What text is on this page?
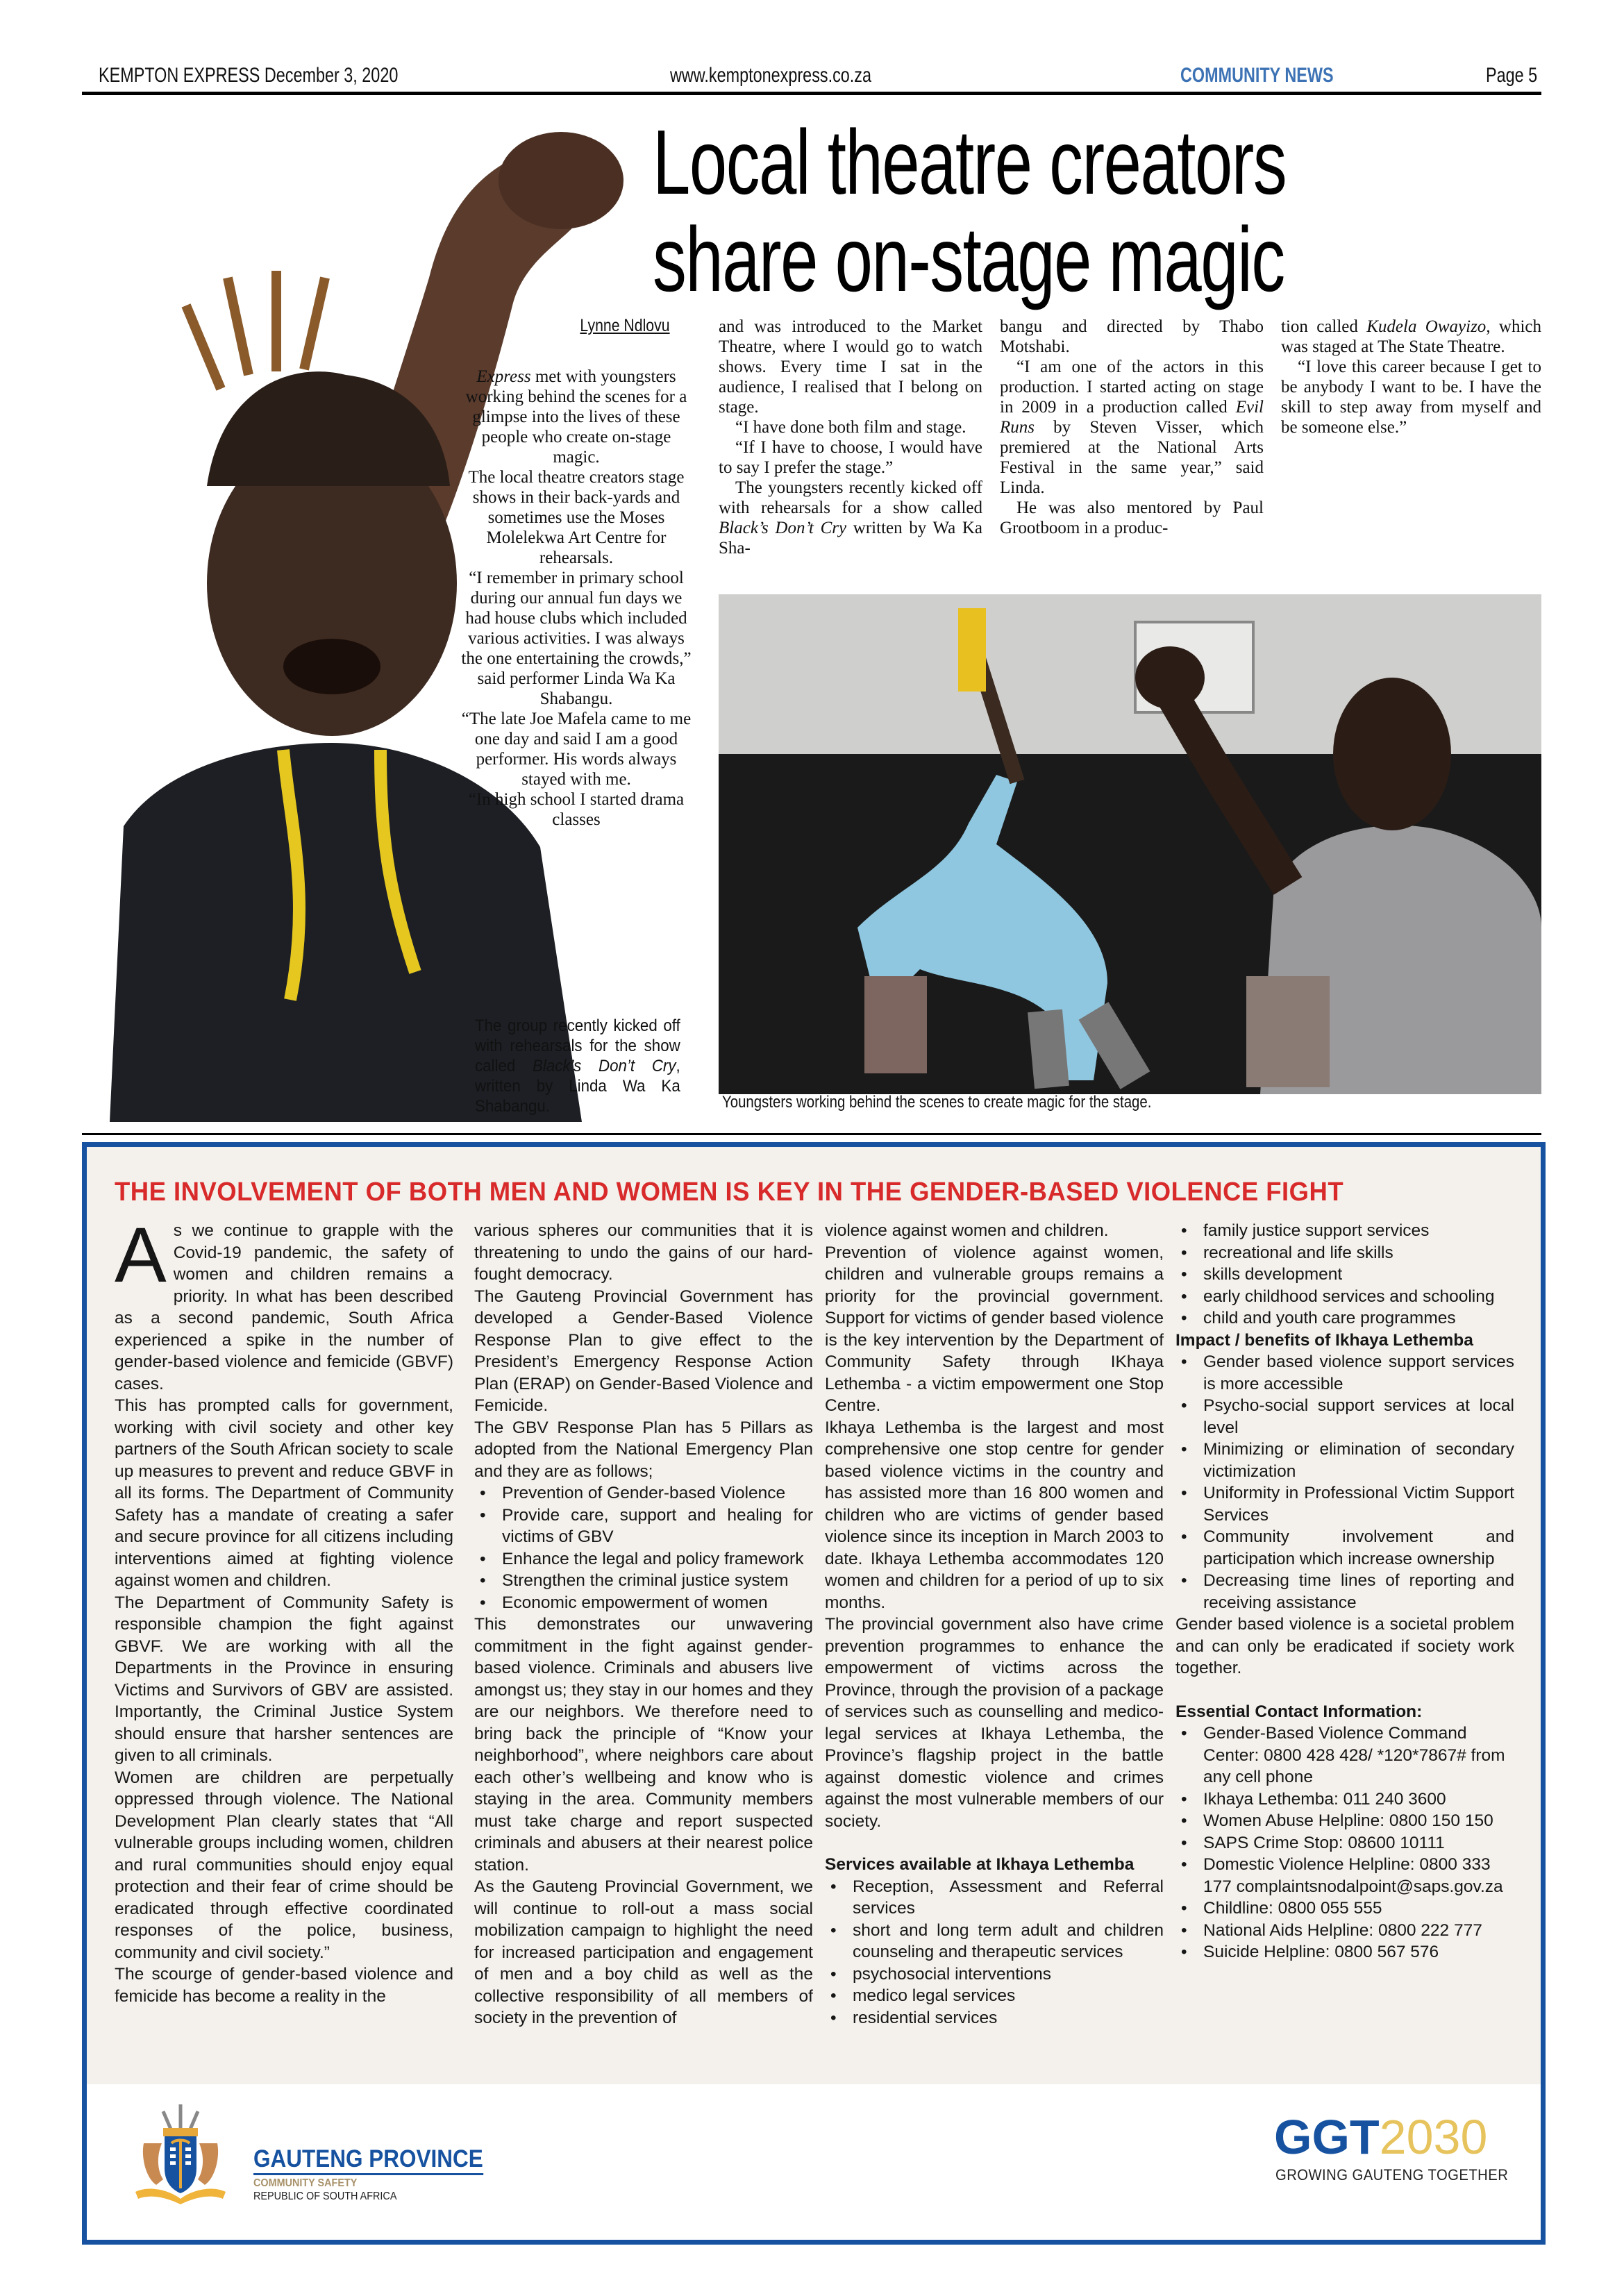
KEMPTON EXPRESS December 3, 2020	www.kemptonexpress.co.za	COMMUNITY NEWS	Page 5
Local theatre creators
share on-stage magic
Lynne Ndlovu

Express met with youngsters working behind the scenes for a glimpse into the lives of these people who create on-stage magic.

The local theatre creators stage shows in their back-yards and sometimes use the Moses Molelekwa Art Centre for rehearsals.

“I remember in primary school during our annual fun days we had house clubs which included various activities. I was always the one entertaining the crowds,” said performer Linda Wa Ka Shabangu.

“The late Joe Mafela came to me one day and said I am a good performer. His words always stayed with me.

“In high school I started drama classes

and was introduced to the Market Theatre, where I would go to watch shows. Every time I sat in the audience, I realised that I belong on stage.

“I have done both film and stage.

“If I have to choose, I would have to say I prefer the stage.”

The youngsters recently kicked off with rehearsals for a show called Black’s Don’t Cry written by Wa Ka Sha-

bangu and directed by Thabo Motshabi.

“I am one of the actors in this production. I started acting on stage in 2009 in a production called Evil Runs by Steven Visser, which premiered at the National Arts Festival in the same year,” said Linda.

He was also mentored by Paul Grootboom in a produc-

tion called Kudela Owayizo, which was staged at The State Theatre.

“I love this career because I get to be anybody I want to be. I have the skill to step away from myself and be someone else.”

The group recently kicked off with rehearsals for the show called Black’s Don’t Cry, written by Linda Wa Ka Shabangu.	Youngsters working behind the scenes to create magic for the stage.
THE INVOLVEMENT OF BOTH MEN AND WOMEN IS KEY IN THE GENDER-BASED VIOLENCE FIGHT

As we continue to grapple with the Covid-19 pandemic, the safety of women and children remains a priority. In what has been described as a second pandemic, South Africa experienced a spike in the number of gender-based violence and femicide (GBVF) cases.

This has prompted calls for government, working with civil society and other key partners of the South African society to scale up measures to prevent and reduce GBVF in all its forms. The Department of Community Safety has a mandate of creating a safer and secure province for all citizens including interventions aimed at fighting violence against women and children.

The Department of Community Safety is responsible champion the fight against GBVF. We are working with all the Departments in the Province in ensuring Victims and Survivors of GBV are assisted. Importantly, the Criminal Justice System should ensure that harsher sentences are given to all criminals.

Women are children are perpetually oppressed through violence. The National Development Plan clearly states that “All vulnerable groups including women, children and rural communities should enjoy equal protection and their fear of crime should be eradicated through effective coordinated responses of the police, business, community and civil society.”

The scourge of gender-based violence and femicide has become a reality in the

various spheres our communities that it is threatening to undo the gains of our hard-fought democracy.

The Gauteng Provincial Government has developed a Gender-Based Violence Response Plan to give effect to the President’s Emergency Response Action Plan (ERAP) on Gender-Based Violence and Femicide.

The GBV Response Plan has 5 Pillars as adopted from the National Emergency Plan and they are as follows;

• Prevention of Gender-based Violence
• Provide care, support and healing for victims of GBV
• Enhance the legal and policy framework
• Strengthen the criminal justice system
• Economic empowerment of women

This demonstrates our unwavering commitment in the fight against gender-based violence. Criminals and abusers live amongst us; they stay in our homes and they are our neighbors. We therefore need to bring back the principle of “Know your neighborhood”, where neighbors care about each other’s wellbeing and know who is staying in the area. Community members must take charge and report suspected criminals and abusers at their nearest police station.

As the Gauteng Provincial Government, we will continue to roll-out a mass social mobilization campaign to highlight the need for increased participation and engagement of men and a boy child as well as the collective responsibility of all members of society in the prevention of

violence against women and children.

Prevention of violence against women, children and vulnerable groups remains a priority for the provincial government. Support for victims of gender based violence is the key intervention by the Department of Community Safety through IKhaya Lethemba - a victim empowerment one Stop Centre.

Ikhaya Lethemba is the largest and most comprehensive one stop centre for gender based violence victims in the country and has assisted more than 16 800 women and children who are victims of gender based violence since its inception in March 2003 to date. Ikhaya Lethemba accommodates 120 women and children for a period of up to six months.

The provincial government also have crime prevention programmes to enhance the empowerment of victims across the Province, through the provision of a package of services such as counselling and medico-legal services at Ikhaya Lethemba, the Province’s flagship project in the battle against domestic violence and crimes against the most vulnerable members of our society.

Services available at Ikhaya Lethemba

• Reception, Assessment and Referral services
• short and long term adult and children counseling and therapeutic services
• psychosocial interventions
• medico legal services
• residential services
• family justice support services
• recreational and life skills
• skills development
• early childhood services and schooling
• child and youth care programmes

Impact / benefits of Ikhaya Lethemba

• Gender based violence support services is more accessible
• Psycho-social support services at local level
• Minimizing or elimination of secondary victimization
• Uniformity in Professional Victim Support Services
• Community involvement and participation which increase ownership
• Decreasing time lines of reporting and receiving assistance

Gender based violence is a societal problem and can only be eradicated if society work together.

Essential Contact Information:

• Gender-Based Violence Command Center: 0800 428 428/ *120*7867# from any cell phone
• Ikhaya Lethemba: 011 240 3600
• Women Abuse Helpline: 0800 150 150
• SAPS Crime Stop: 08600 10111
• Domestic Violence Helpline: 0800 333 177 complaintsnodalpoint@saps.gov.za
• Childline: 0800 055 555
• National Aids Helpline: 0800 222 777
• Suicide Helpline: 0800 567 576
GAUTENG PROVINCE
COMMUNITY SAFETY
REPUBLIC OF SOUTH AFRICA
GGT2030
GROWING GAUTENG TOGETHER
